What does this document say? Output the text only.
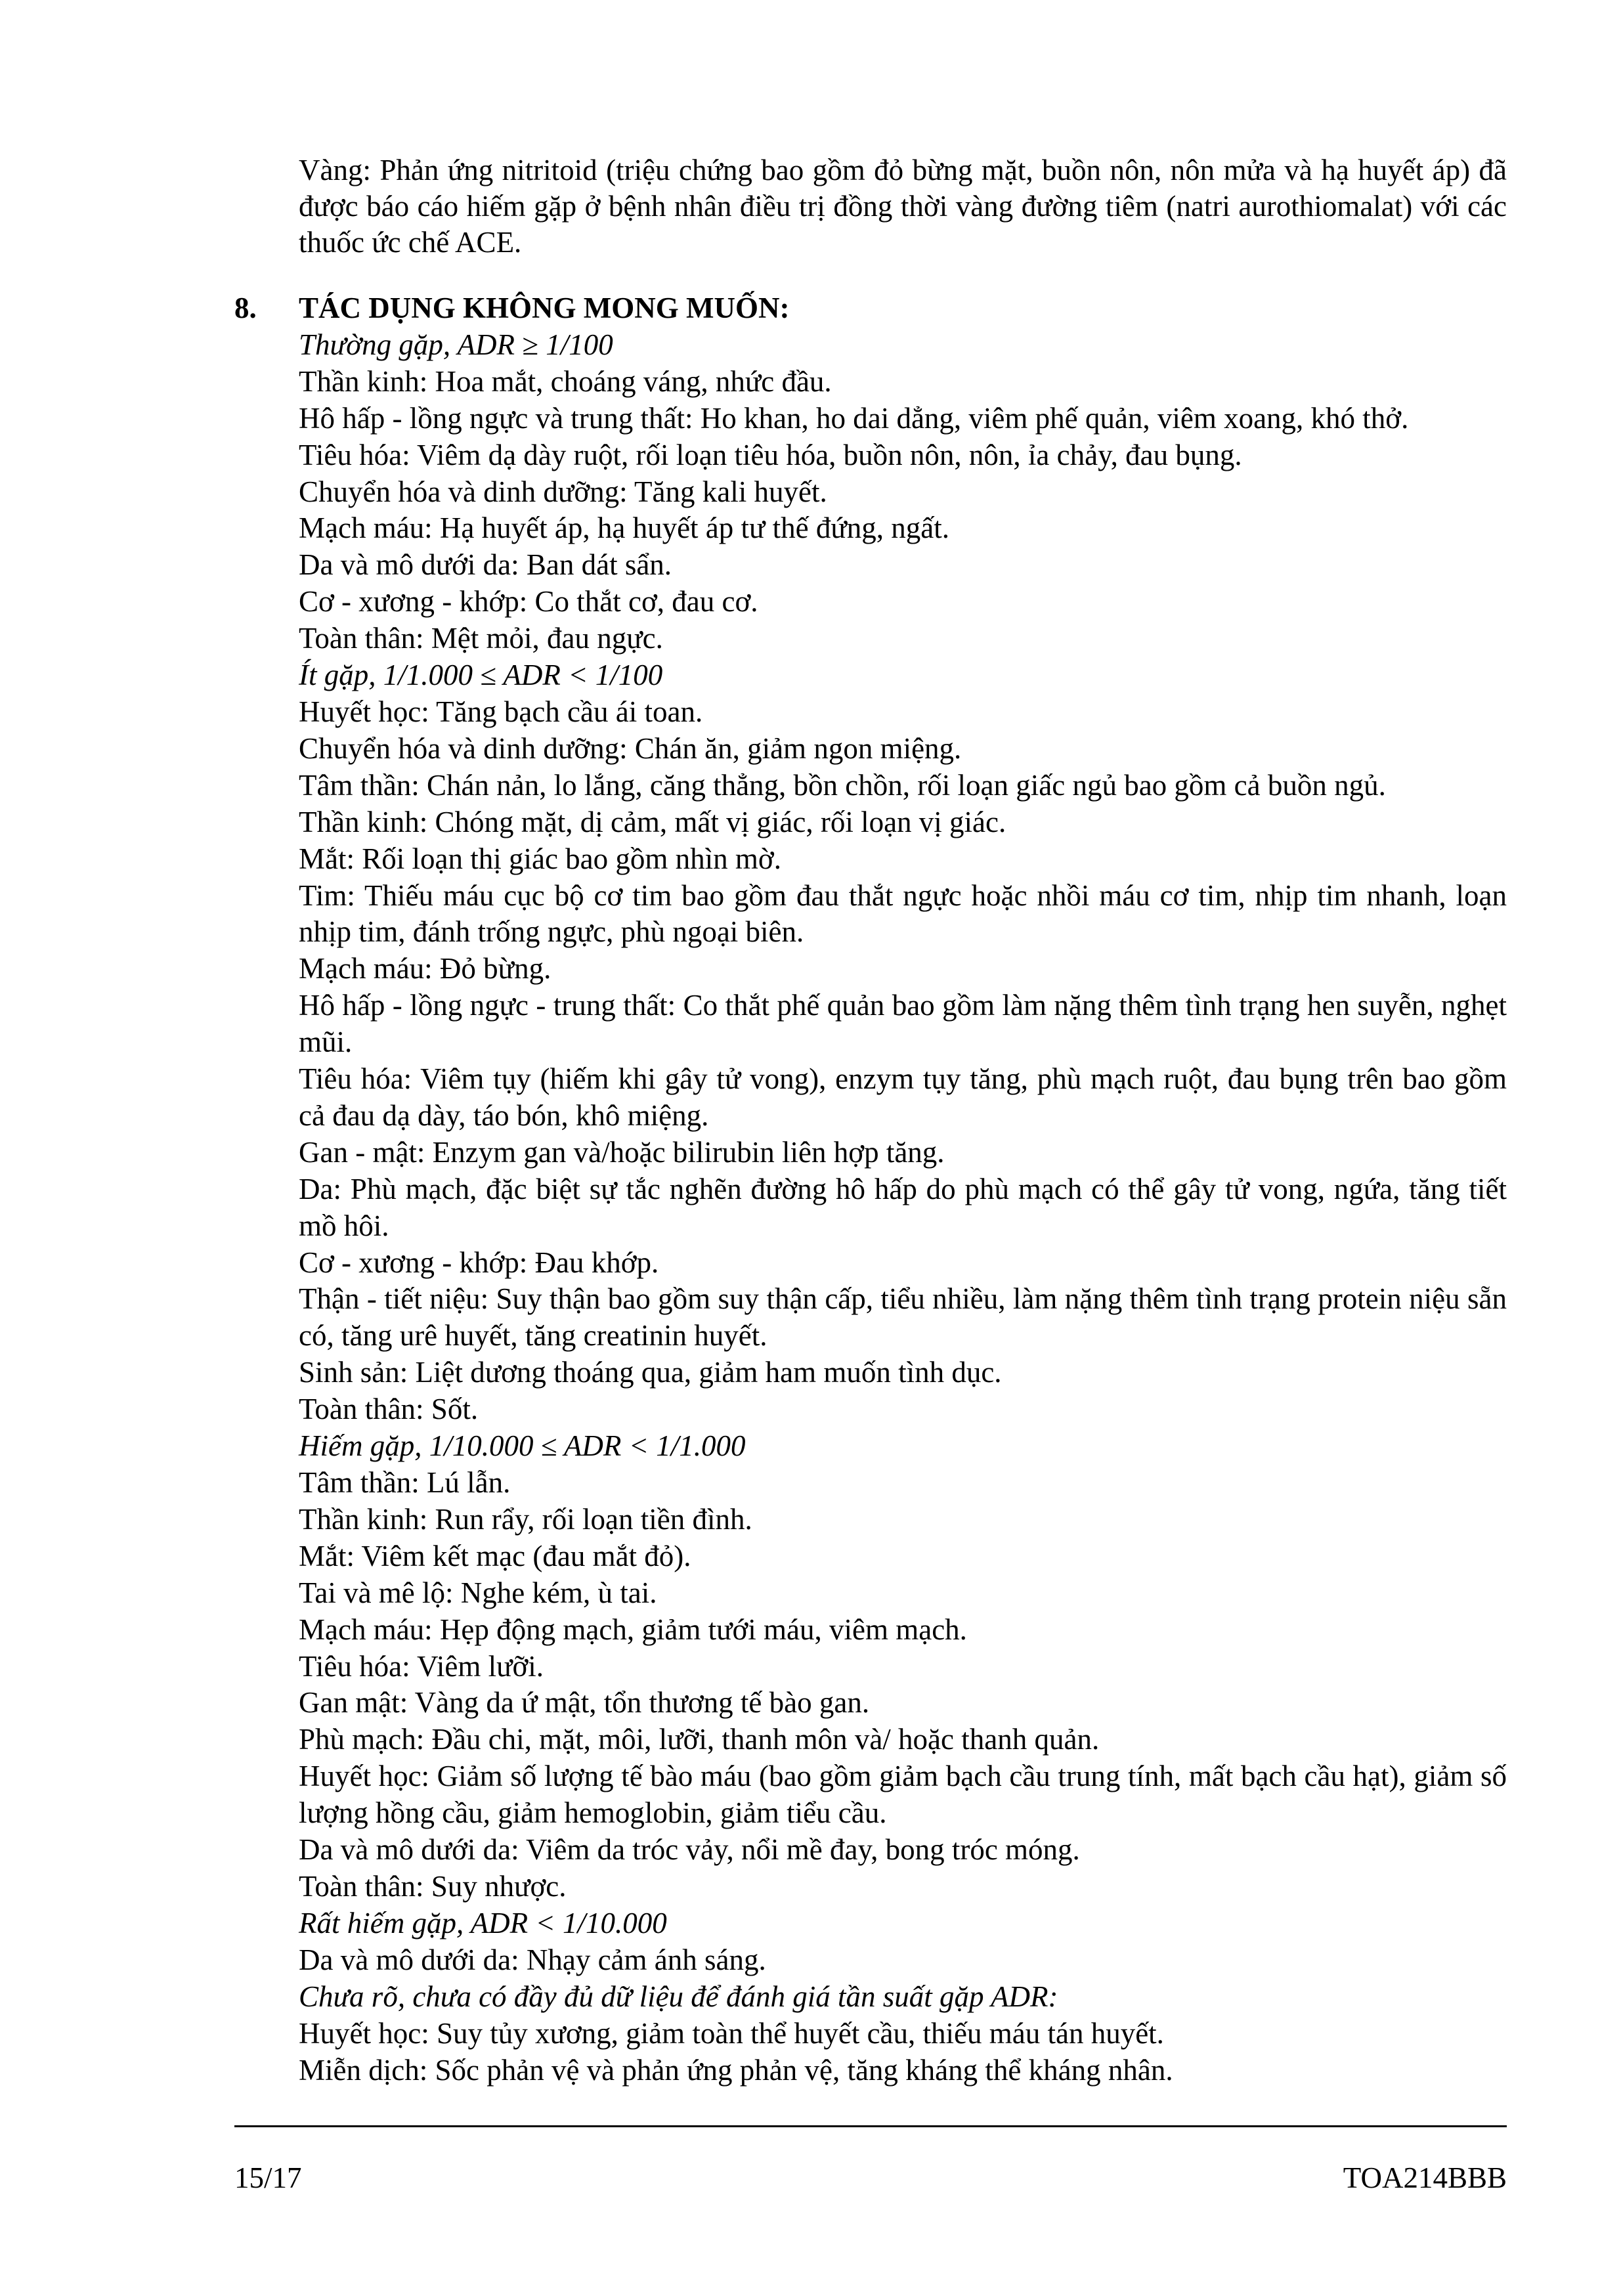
Vàng: Phản ứng nitritoid (triệu chứng bao gồm đỏ bừng mặt, buồn nôn, nôn mửa và hạ huyết áp) đã được báo cáo hiếm gặp ở bệnh nhân điều trị đồng thời vàng đường tiêm (natri aurothiomalat) với các thuốc ức chế ACE.

8. TÁC DỤNG KHÔNG MONG MUỐN:

Thường gặp, ADR ≥ 1/100

Thần kinh: Hoa mắt, choáng váng, nhức đầu.

Hô hấp - lồng ngực và trung thất: Ho khan, ho dai dẳng, viêm phế quản, viêm xoang, khó thở.

Tiêu hóa: Viêm dạ dày ruột, rối loạn tiêu hóa, buồn nôn, nôn, ỉa chảy, đau bụng.

Chuyển hóa và dinh dưỡng: Tăng kali huyết.

Mạch máu: Hạ huyết áp, hạ huyết áp tư thế đứng, ngất.

Da và mô dưới da: Ban dát sẩn.

Cơ - xương - khớp: Co thắt cơ, đau cơ.

Toàn thân: Mệt mỏi, đau ngực.

Ít gặp, 1/1.000 ≤ ADR < 1/100

Huyết học: Tăng bạch cầu ái toan.

Chuyển hóa và dinh dưỡng: Chán ăn, giảm ngon miệng.

Tâm thần: Chán nản, lo lắng, căng thẳng, bồn chồn, rối loạn giấc ngủ bao gồm cả buồn ngủ.

Thần kinh: Chóng mặt, dị cảm, mất vị giác, rối loạn vị giác.

Mắt: Rối loạn thị giác bao gồm nhìn mờ.

Tim: Thiếu máu cục bộ cơ tim bao gồm đau thắt ngực hoặc nhồi máu cơ tim, nhịp tim nhanh, loạn nhịp tim, đánh trống ngực, phù ngoại biên.

Mạch máu: Đỏ bừng.

Hô hấp - lồng ngực - trung thất: Co thắt phế quản bao gồm làm nặng thêm tình trạng hen suyễn, nghẹt mũi.

Tiêu hóa: Viêm tụy (hiếm khi gây tử vong), enzym tụy tăng, phù mạch ruột, đau bụng trên bao gồm cả đau dạ dày, táo bón, khô miệng.

Gan - mật: Enzym gan và/hoặc bilirubin liên hợp tăng.

Da: Phù mạch, đặc biệt sự tắc nghẽn đường hô hấp do phù mạch có thể gây tử vong, ngứa, tăng tiết mồ hôi.

Cơ - xương - khớp: Đau khớp.

Thận - tiết niệu: Suy thận bao gồm suy thận cấp, tiểu nhiều, làm nặng thêm tình trạng protein niệu sẵn có, tăng urê huyết, tăng creatinin huyết.

Sinh sản: Liệt dương thoáng qua, giảm ham muốn tình dục.

Toàn thân: Sốt.

Hiếm gặp, 1/10.000 ≤ ADR < 1/1.000

Tâm thần: Lú lẫn.

Thần kinh: Run rẩy, rối loạn tiền đình.

Mắt: Viêm kết mạc (đau mắt đỏ).

Tai và mê lộ: Nghe kém, ù tai.

Mạch máu: Hẹp động mạch, giảm tưới máu, viêm mạch.

Tiêu hóa: Viêm lưỡi.

Gan mật: Vàng da ứ mật, tổn thương tế bào gan.

Phù mạch: Đầu chi, mặt, môi, lưỡi, thanh môn và/ hoặc thanh quản.

Huyết học: Giảm số lượng tế bào máu (bao gồm giảm bạch cầu trung tính, mất bạch cầu hạt), giảm số lượng hồng cầu, giảm hemoglobin, giảm tiểu cầu.

Da và mô dưới da: Viêm da tróc vảy, nổi mề đay, bong tróc móng.

Toàn thân: Suy nhược.

Rất hiếm gặp, ADR < 1/10.000

Da và mô dưới da: Nhạy cảm ánh sáng.

Chưa rõ, chưa có đầy đủ dữ liệu để đánh giá tần suất gặp ADR:

Huyết học: Suy tủy xương, giảm toàn thể huyết cầu, thiếu máu tán huyết.

Miễn dịch: Sốc phản vệ và phản ứng phản vệ, tăng kháng thể kháng nhân.

15/17	TOA214BBB
